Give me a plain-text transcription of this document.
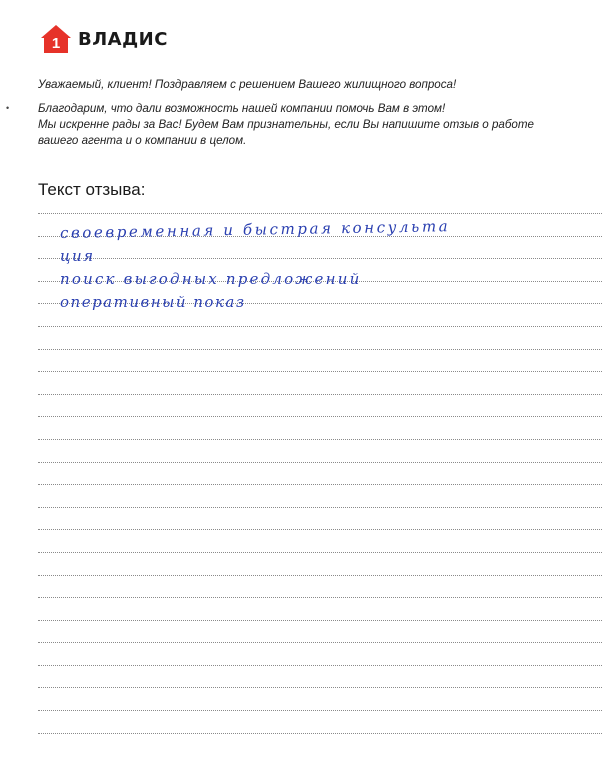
1 ВЛАДИС
•

Уважаемый, клиент! Поздравляем с решением Вашего жилищного вопроса!

Благодарим, что дали возможность нашей компании помочь Вам в этом!

Мы искренне рады за Вас! Будем Вам признательны, если Вы напишите отзыв о работе

вашего агента и о компании в целом.

Текст отзыва:
своевременная и быстрая консульта
ция
поиск выгодных предложений
оперативный показ
